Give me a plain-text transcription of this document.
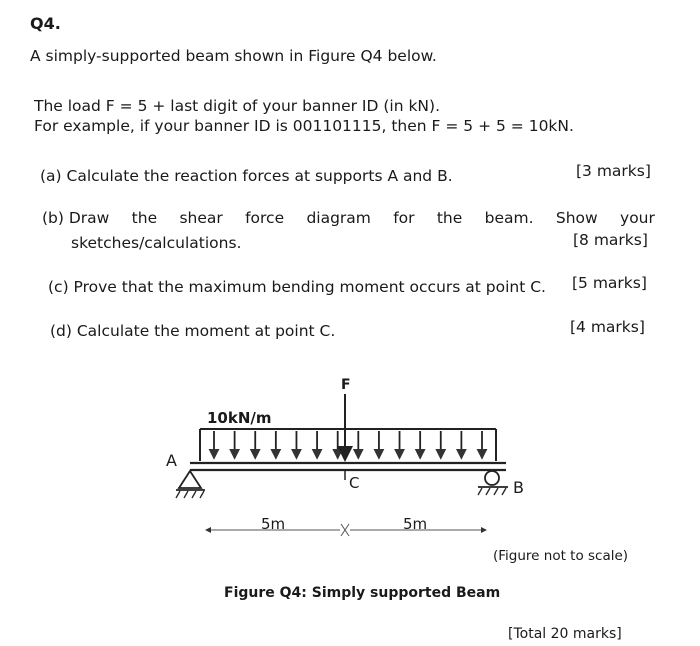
Q4.
A simply-supported beam shown in Figure Q4 below.
The load F = 5 + last digit of your banner ID (in kN).
For example, if your banner ID is 001101115, then F = 5 + 5 = 10kN.
(a) Calculate the reaction forces at supports A and B.	[3 marks]
(b) Draw the shear force diagram for the beam. Show your
sketches/calculations.	[8 marks]
(c) Prove that the maximum bending moment occurs at point C. [5 marks]
(d) Calculate the moment at point C.	[4 marks]
F
C
10kN/m
A
B
5m	5m
(Figure not to scale)
Figure Q4: Simply supported Beam
[Total 20 marks]
